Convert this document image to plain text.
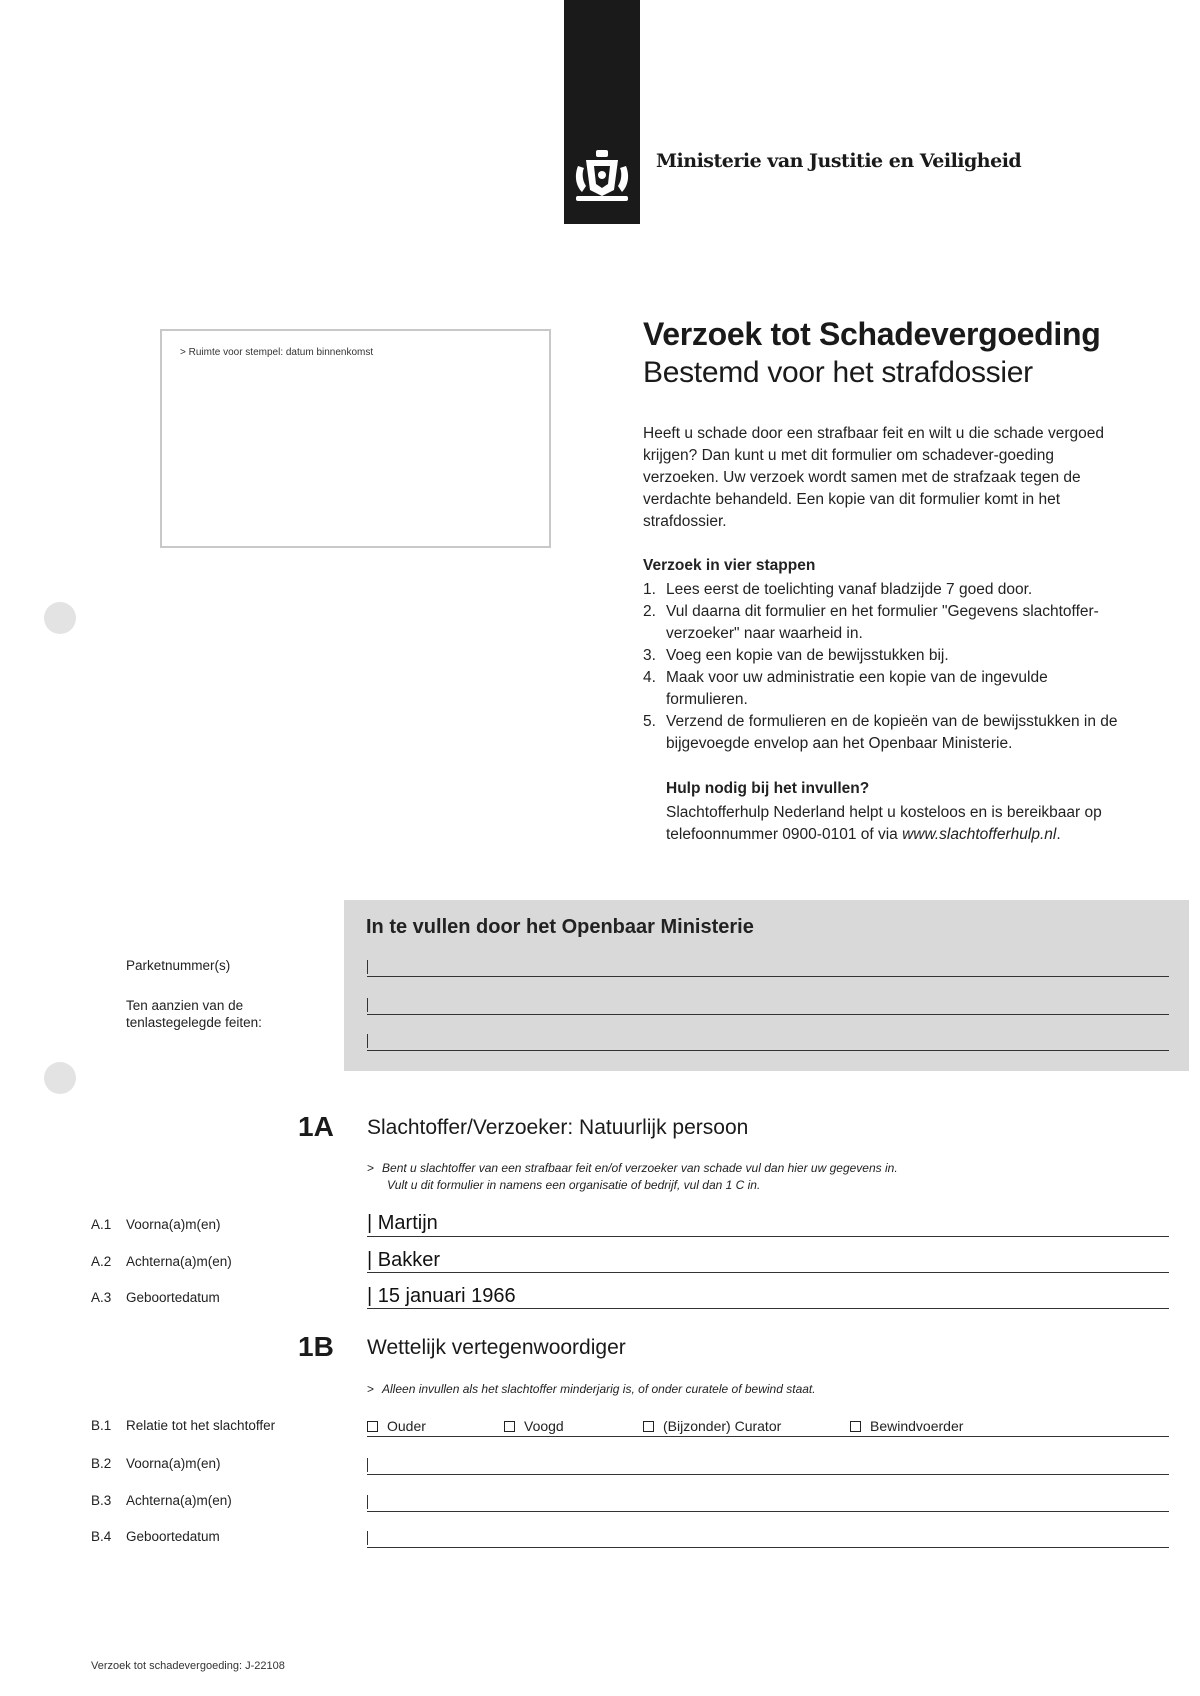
Ministerie van Justitie en Veiligheid
> Ruimte voor stempel: datum binnenkomst
Verzoek tot Schadevergoeding
Bestemd voor het strafdossier
Heeft u schade door een strafbaar feit en wilt u die schade vergoed krijgen? Dan kunt u met dit formulier om schadever-goeding verzoeken. Uw verzoek wordt samen met de strafzaak tegen de verdachte behandeld. Een kopie van dit formulier komt in het strafdossier.
Verzoek in vier stappen
1. Lees eerst de toelichting vanaf bladzijde 7 goed door.
2. Vul daarna dit formulier en het formulier "Gegevens slachtoffer-verzoeker" naar waarheid in.
3. Voeg een kopie van de bewijsstukken bij.
4. Maak voor uw administratie een kopie van de ingevulde formulieren.
5. Verzend de formulieren en de kopieën van de bewijsstukken in de bijgevoegde envelop aan het Openbaar Ministerie.
Hulp nodig bij het invullen?
Slachtofferhulp Nederland helpt u kosteloos en is bereikbaar op telefoonnummer 0900-0101 of via www.slachtofferhulp.nl.
In te vullen door het Openbaar Ministerie
Parketnummer(s)
Ten aanzien van de tenlastegelegde feiten:
1A Slachtoffer/Verzoeker: Natuurlijk persoon
> Bent u slachtoffer van een strafbaar feit en/of verzoeker van schade vul dan hier uw gegevens in.
Vult u dit formulier in namens een organisatie of bedrijf, vul dan 1 C in.
A.1 Voorna(a)m(en)	| Martijn
A.2 Achterna(a)m(en)	| Bakker
A.3 Geboortedatum	| 15 januari 1966
1B Wettelijk vertegenwoordiger
> Alleen invullen als het slachtoffer minderjarig is, of onder curatele of bewind staat.
B.1 Relatie tot het slachtoffer	Ouder	Voogd	(Bijzonder) Curator	Bewindvoerder
B.2 Voorna(a)m(en)
B.3 Achterna(a)m(en)
B.4 Geboortedatum
Verzoek tot schadevergoeding: J-22108
